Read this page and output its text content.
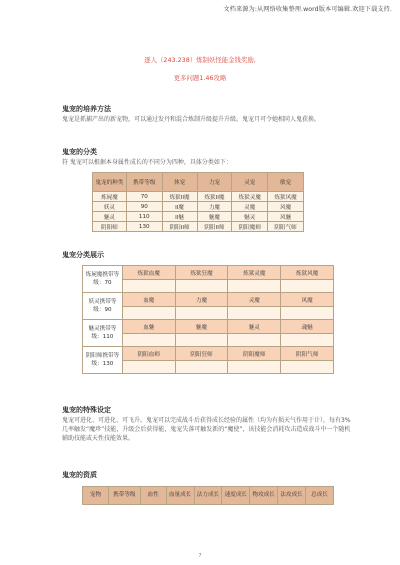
文档来源为:从网络收集整理.word版本可编辑.欢迎下载支持.
逐人（243.238）炼制妖怪能金钱奖励,
更多问题1.46攻略
鬼宠的培养方法
鬼宠是抓捕产出的新宠物，可以通过发丹和混合炼制升级提升升级。鬼宠月可令她相同人鬼获换。
鬼宠的分类
符 鬼宠可以根据本身属性成长的不同分为四种，具体分类如下：
鬼宠的种类	携带等级	体宠	力宠	灵宠	敏宠
炼屍魔	70	炼狱II魔	炼狱II魔	炼狱灵魔	炼狱风魔
妖灵	90	II魔	力魔	灵魔	风魔
魅灵	110	II魅	魅魔	魅灵	风魅
阴阳师	130	阴阳II师	阴阳II师	阴阳魔师	阴阳气师
鬼宠分类展示
炼屍魔携带等级：70	炼狱血魔	炼狱狂魔	炼狱灵魔	炼狱风魔

妖灵携带等级：90	血魔	力魔	灵魔	风魔

魅灵携带等级：110	血魅	魅魔	魅灵	魂魅

阴阳师携带等级：130	阴阳血师	阴阳狂师	阴阳魔师	阴阳气师

鬼宠的特殊设定
鬼宠可进化、可进化、可飞升。鬼宠可以完成战斗后获得成长经验的属性（均为有损天气作用于计），每有3%几率触发“魔珍”技能，升级会后获得能，鬼宠失落可触发新的“魔使”，该技能会消耗攻击造成战斗中一个随机辅助技能或天性技能效果。
鬼宠的资质
宠物	携带等级	血性	血量成长	法力成长	速度成长	物攻成长	法攻成长	总成长
7
